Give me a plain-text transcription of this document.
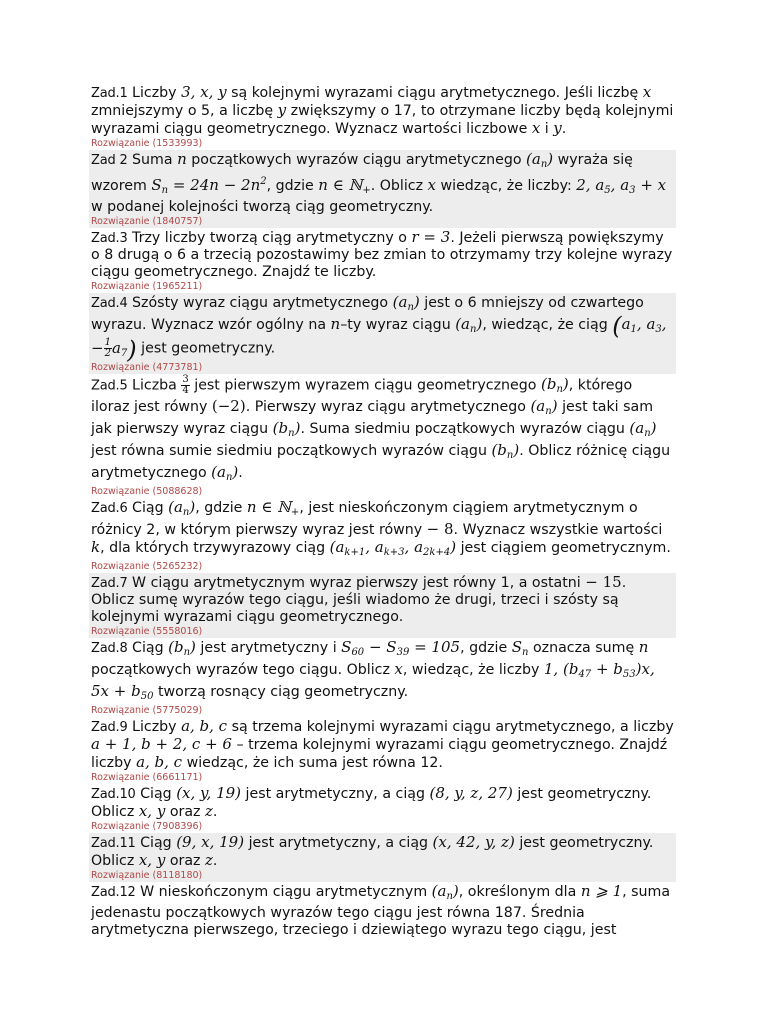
Zad.1 Liczby 3, x, y są kolejnymi wyrazami ciągu arytmetycznego. Jeśli liczbę x zmniejszymy o 5, a liczbę y zwiększymy o 17, to otrzymane liczby będą kolejnymi wyrazami ciągu geometrycznego. Wyznacz wartości liczbowe x i y.
Rozwiązanie (1533993)
Zad 2 Suma n początkowych wyrazów ciągu arytmetycznego $(a_n)$ wyraża się wzorem $S_n = 24n - 2n^2$, gdzie n ∈ ℕ$_+$. Oblicz x wiedząc, że liczby: 2, $a_5$, $a_3 + x$ w podanej kolejności tworzą ciąg geometryczny.
Rozwiązanie (1840757)
Zad.3 Trzy liczby tworzą ciąg arytmetyczny o r = 3. Jeżeli pierwszą powiększymy o 8 drugą o 6 a trzecią pozostawimy bez zmian to otrzymamy trzy kolejne wyrazy ciągu geometrycznego. Znajdź te liczby.
Rozwiązanie (1965211)
Zad.4 Szósty wyraz ciągu arytmetycznego $(a_n)$ jest o 6 mniejszy od czwartego wyrazu. Wyznacz wzór ogólny na n–ty wyraz ciągu $(a_n)$, wiedząc, że ciąg ($a_1$, $a_3$, − $\frac{1}{2} a_7$) jest geometryczny.
Rozwiązanie (4773781)
Zad.5 Liczba $\frac{3}{4}$ jest pierwszym wyrazem ciągu geometrycznego $(b_n)$, którego iloraz jest równy (−2). Pierwszy wyraz ciągu arytmetycznego $(a_n)$ jest taki sam jak pierwszy wyraz ciągu $(b_n)$. Suma siedmiu początkowych wyrazów ciągu $(a_n)$ jest równa sumie siedmiu początkowych wyrazów ciągu $(b_n)$. Oblicz różnicę ciągu arytmetycznego $(a_n)$.
Rozwiązanie (5088628)
Zad.6 Ciąg $(a_n)$, gdzie n ∈ ℕ$_+$, jest nieskończonym ciągiem arytmetycznym o różnicy 2, w którym pierwszy wyraz jest równy − 8. Wyznacz wszystkie wartości k, dla których trzywyrazowy ciąg ($a_{k+1}$, $a_{k+3}$, $a_{2k+4}$) jest ciągiem geometrycznym.
Rozwiązanie (5265232)
Zad.7 W ciągu arytmetycznym wyraz pierwszy jest równy 1, a ostatni − 15. Oblicz sumę wyrazów tego ciągu, jeśli wiadomo że drugi, trzeci i szósty są kolejnymi wyrazami ciągu geometrycznego.
Rozwiązanie (5558016)
Zad.8 Ciąg $(b_n)$ jest arytmetyczny i $S_{60} - S_{39} = 105$, gdzie $S_n$ oznacza sumę n początkowych wyrazów tego ciągu. Oblicz x, wiedząc, że liczby 1, $(b_{47} + b_{53})x$, $5x + b_{50}$ tworzą rosnący ciąg geometryczny.
Rozwiązanie (5775029)
Zad.9 Liczby a, b, c są trzema kolejnymi wyrazami ciągu arytmetycznego, a liczby a + 1, b + 2, c + 6 – trzema kolejnymi wyrazami ciągu geometrycznego. Znajdź liczby a, b, c wiedząc, że ich suma jest równa 12.
Rozwiązanie (6661171)
Zad.10 Ciąg (x, y, 19) jest arytmetyczny, a ciąg (8, y, z, 27) jest geometryczny. Oblicz x, y oraz z.
Rozwiązanie (7908396)
Zad.11 Ciąg (9, x, 19) jest arytmetyczny, a ciąg (x, 42, y, z) jest geometryczny. Oblicz x, y oraz z.
Rozwiązanie (8118180)
Zad.12 W nieskończonym ciągu arytmetycznym $(a_n)$, określonym dla n ⩾ 1, suma jedenastu początkowych wyrazów tego ciągu jest równa 187. Średnia arytmetyczna pierwszego, trzeciego i dziewiątego wyrazu tego ciągu, jest
